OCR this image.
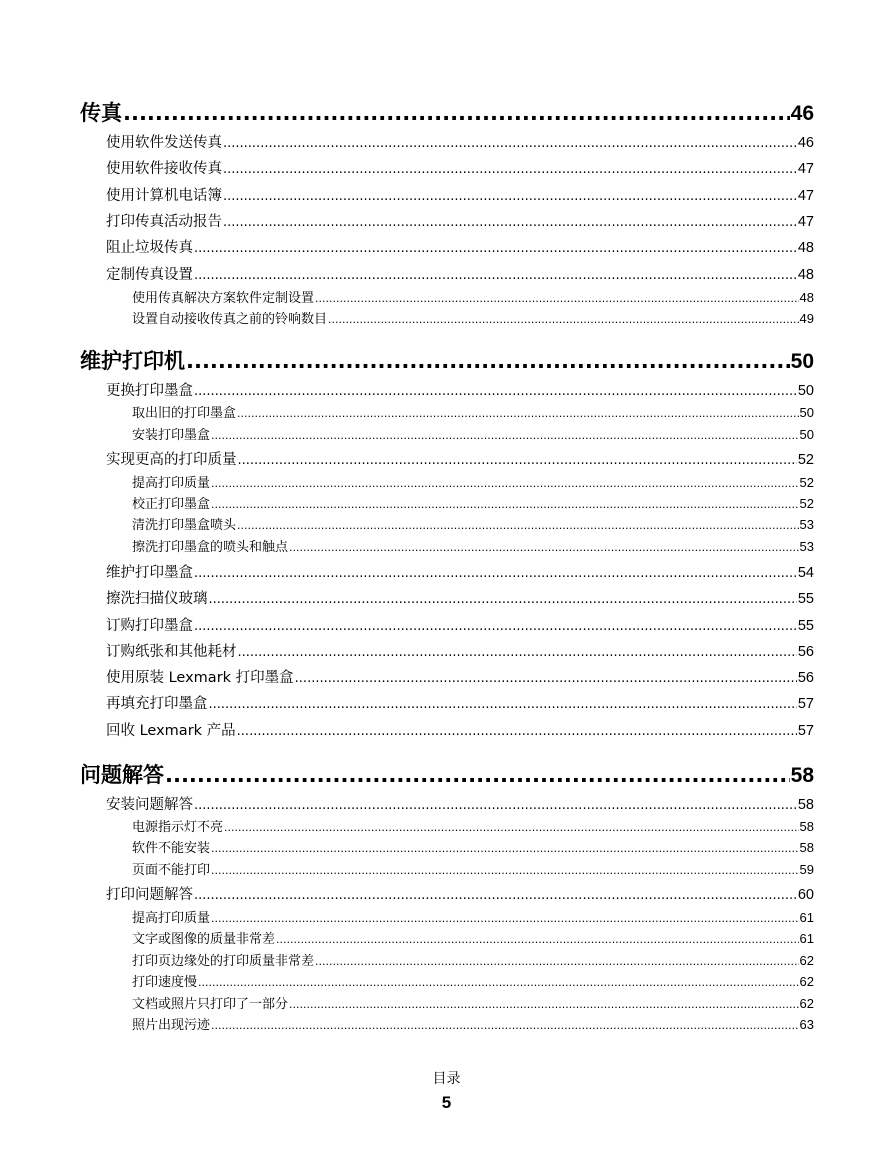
传真 .....	46
使用软件发送传真 .....	46
使用软件接收传真 .....	47
使用计算机电话簿 .....	47
打印传真活动报告 .....	47
阻止垃圾传真 .....	48
定制传真设置 .....	48
使用传真解决方案软件定制设置 .....	48
设置自动接收传真之前的铃响数目 .....	49
维护打印机 .....	50
更换打印墨盒 .....	50
取出旧的打印墨盒 .....	50
安装打印墨盒 .....	50
实现更高的打印质量 .....	52
提高打印质量 .....	52
校正打印墨盒 .....	52
清洗打印墨盒喷头 .....	53
擦洗打印墨盒的喷头和触点 .....	53
维护打印墨盒 .....	54
擦洗扫描仪玻璃 .....	55
订购打印墨盒 .....	55
订购纸张和其他耗材 .....	56
使用原装 Lexmark 打印墨盒 .....	56
再填充打印墨盒 .....	57
回收 Lexmark 产品 .....	57
问题解答 .....	58
安装问题解答 .....	58
电源指示灯不亮 .....	58
软件不能安装 .....	58
页面不能打印 .....	59
打印问题解答 .....	60
提高打印质量 .....	61
文字或图像的质量非常差 .....	61
打印页边缘处的打印质量非常差 .....	62
打印速度慢 .....	62
文档或照片只打印了一部分 .....	62
照片出现污迹 .....	63
目录
5
